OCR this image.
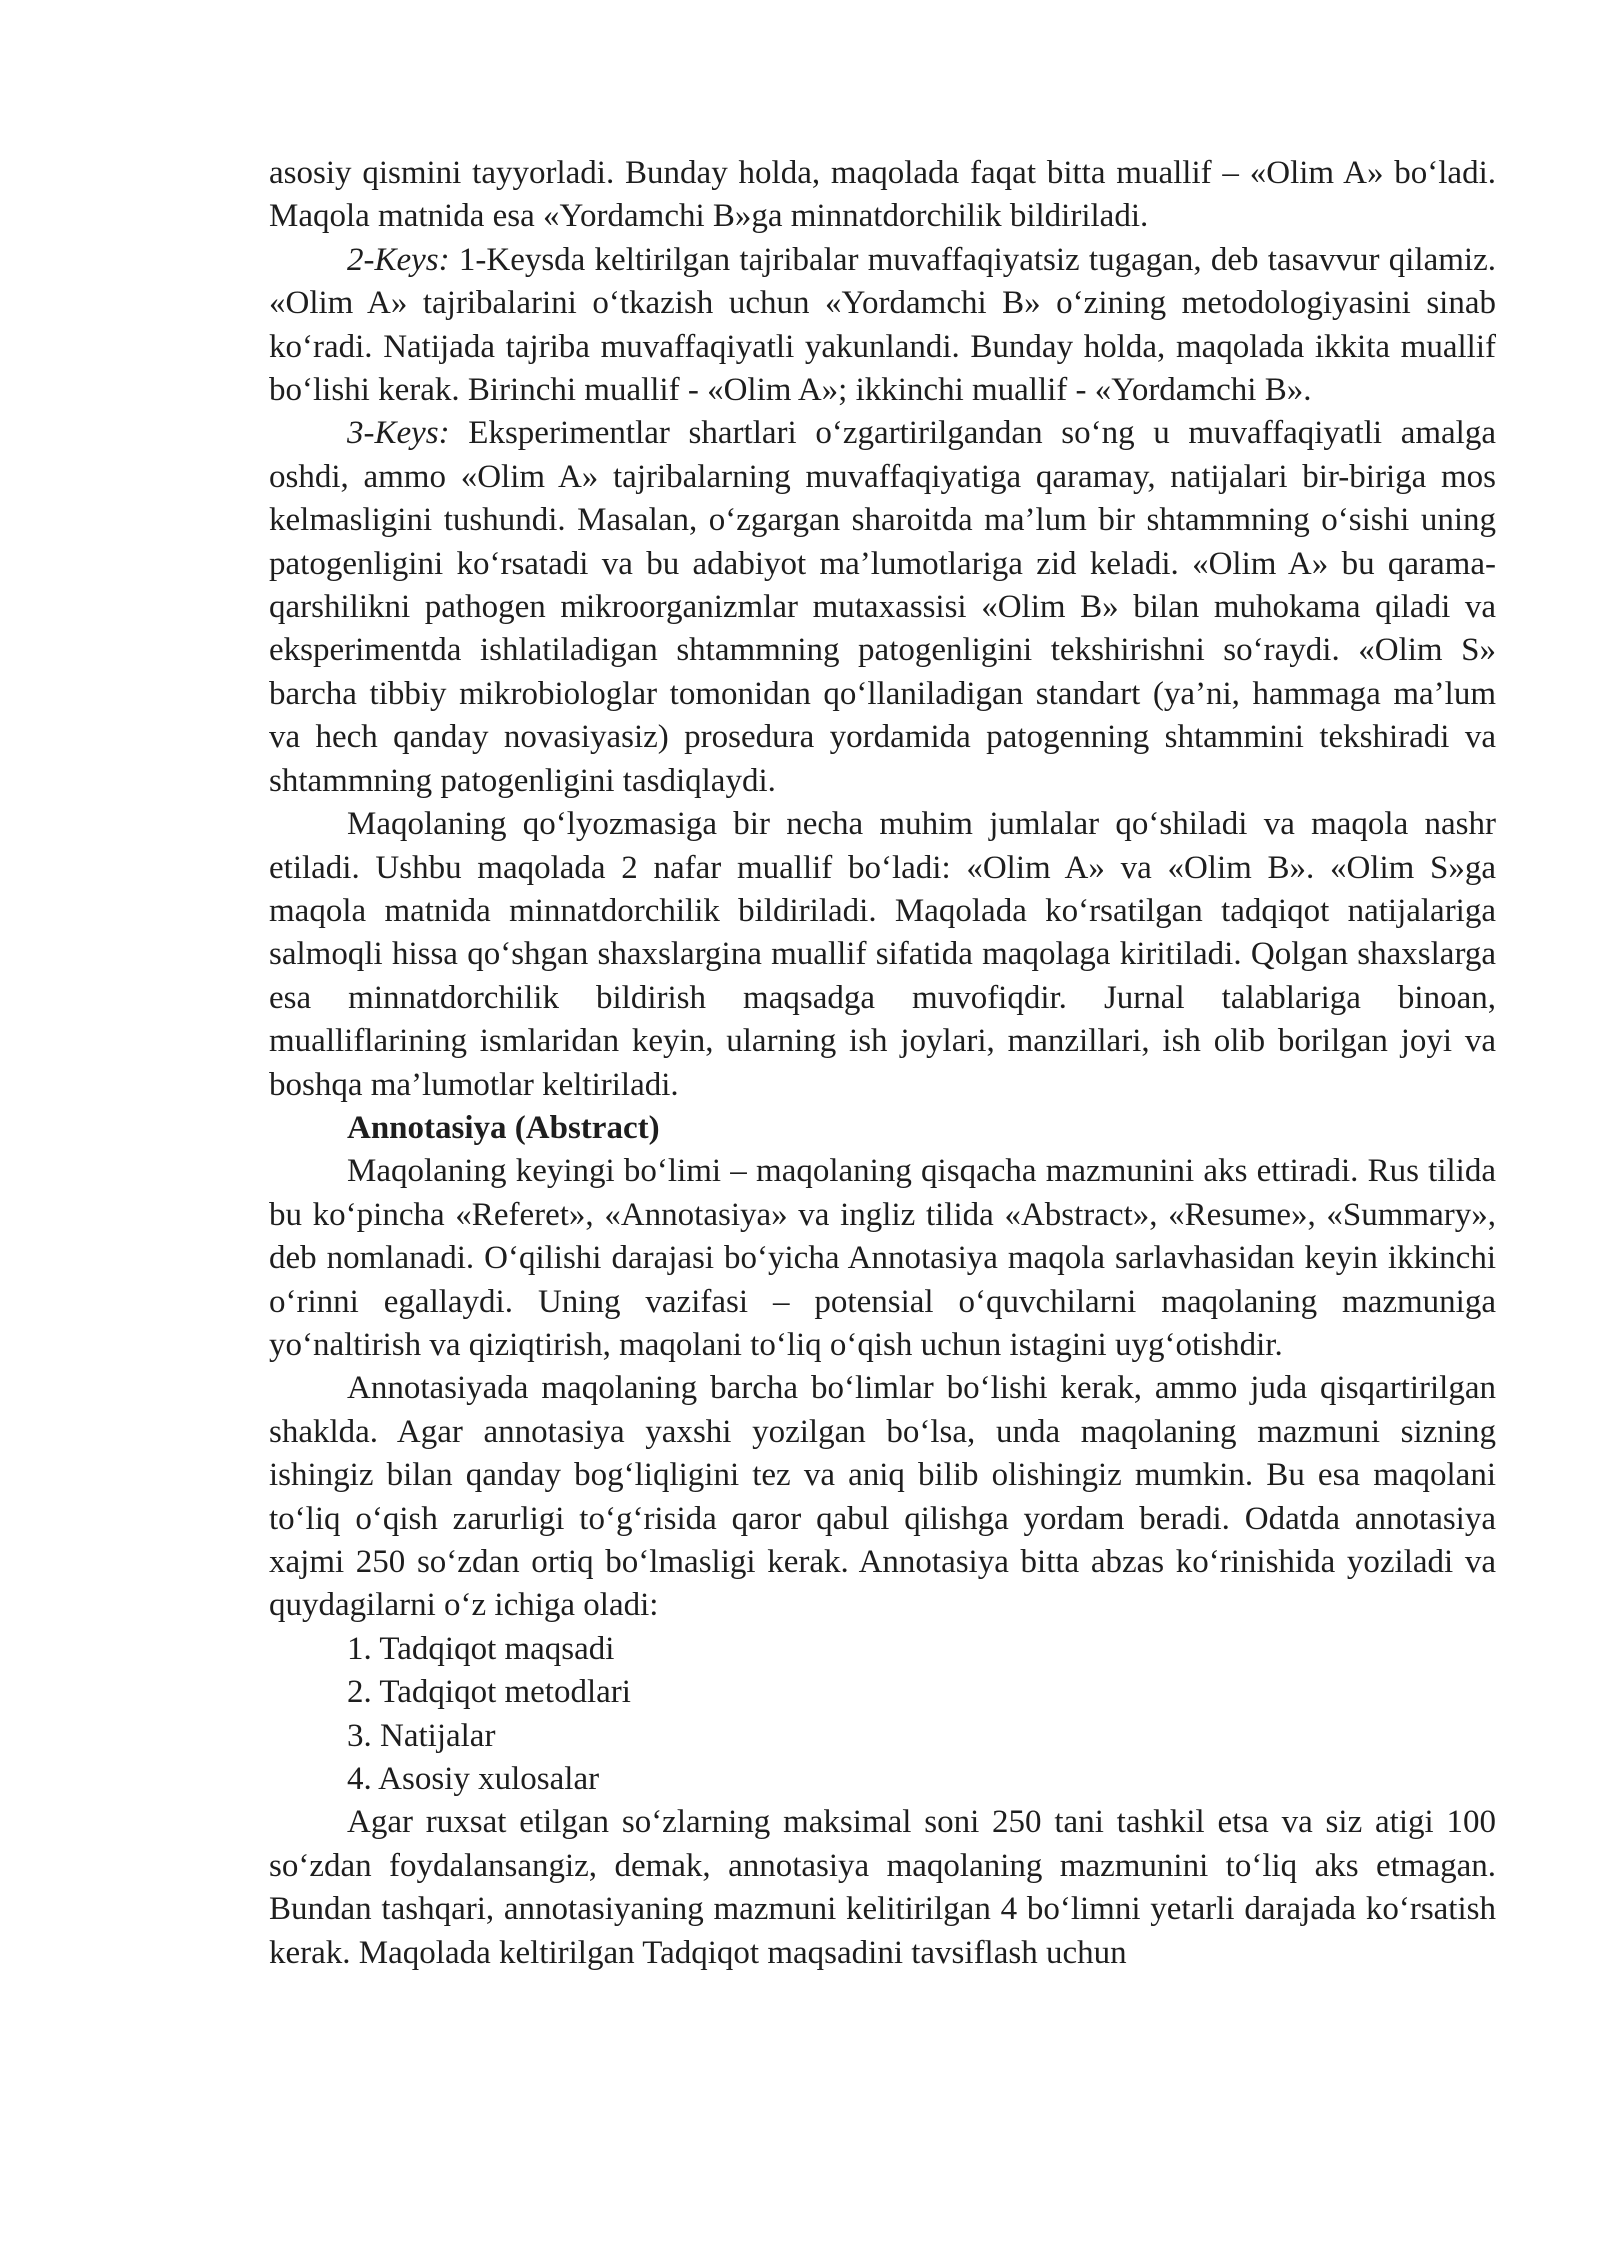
asosiy qismini tayyorladi. Bunday holda, maqolada faqat bitta muallif – «Olim A» bo‘ladi. Maqola matnida esa «Yordamchi B»ga minnatdorchilik bildiriladi.

2-Keys: 1-Keysda keltirilgan tajribalar muvaffaqiyatsiz tugagan, deb tasavvur qilamiz. «Olim A» tajribalarini o‘tkazish uchun «Yordamchi B» o‘zining metodologiyasini sinab ko‘radi. Natijada tajriba muvaffaqiyatli yakunlandi. Bunday holda, maqolada ikkita muallif bo‘lishi kerak. Birinchi muallif - «Olim A»; ikkinchi muallif - «Yordamchi B».

3-Keys: Eksperimentlar shartlari o‘zgartirilgandan so‘ng u muvaffaqiyatli amalga oshdi, ammo «Olim A» tajribalarning muvaffaqiyatiga qaramay, natijalari bir-biriga mos kelmasligini tushundi. Masalan, o‘zgargan sharoitda ma’lum bir shtammning o‘sishi uning patogenligini ko‘rsatadi va bu adabiyot ma’lumotlariga zid keladi. «Olim A» bu qarama-qarshilikni pathogen mikroorganizmlar mutaxassisi «Olim B» bilan muhokama qiladi va eksperimentda ishlatiladigan shtammning patogenligini tekshirishni so‘raydi. «Olim S» barcha tibbiy mikrobiologlar tomonidan qo‘llaniladigan standart (ya’ni, hammaga ma’lum va hech qanday novasiyasiz) prosedura yordamida patogenning shtammini tekshiradi va shtammning patogenligini tasdiqlaydi.

Maqolaning qo‘lyozmasiga bir necha muhim jumlalar qo‘shiladi va maqola nashr etiladi. Ushbu maqolada 2 nafar muallif bo‘ladi: «Olim A» va «Olim B». «Olim S»ga maqola matnida minnatdorchilik bildiriladi. Maqolada ko‘rsatilgan tadqiqot natijalariga salmoqli hissa qo‘shgan shaxslargina muallif sifatida maqolaga kiritiladi. Qolgan shaxslarga esa minnatdorchilik bildirish maqsadga muvofiqdir. Jurnal talablariga binoan, mualliflarining ismlaridan keyin, ularning ish joylari, manzillari, ish olib borilgan joyi va boshqa ma’lumotlar keltiriladi.

Annotasiya (Abstract)

Maqolaning keyingi bo‘limi – maqolaning qisqacha mazmunini aks ettiradi. Rus tilida bu ko‘pincha «Referet», «Annotasiya» va ingliz tilida «Abstract», «Resume», «Summary», deb nomlanadi. O‘qilishi darajasi bo‘yicha Annotasiya maqola sarlavhasidan keyin ikkinchi o‘rinni egallaydi. Uning vazifasi – potensial o‘quvchilarni maqolaning mazmuniga yo‘naltirish va qiziqtirish, maqolani to‘liq o‘qish uchun istagini uyg‘otishdir.

Annotasiyada maqolaning barcha bo‘limlar bo‘lishi kerak, ammo juda qisqartirilgan shaklda. Agar annotasiya yaxshi yozilgan bo‘lsa, unda maqolaning mazmuni sizning ishingiz bilan qanday bog‘liqligini tez va aniq bilib olishingiz mumkin. Bu esa maqolani to‘liq o‘qish zarurligi to‘g‘risida qaror qabul qilishga yordam beradi. Odatda annotasiya xajmi 250 so‘zdan ortiq bo‘lmasligi kerak. Annotasiya bitta abzas ko‘rinishida yoziladi va quydagilarni o‘z ichiga oladi:

1. Tadqiqot maqsadi
2. Tadqiqot metodlari
3. Natijalar
4. Asosiy xulosalar

Agar ruxsat etilgan so‘zlarning maksimal soni 250 tani tashkil etsa va siz atigi 100 so‘zdan foydalansangiz, demak, annotasiya maqolaning mazmunini to‘liq aks etmagan. Bundan tashqari, annotasiyaning mazmuni kelitirilgan 4 bo‘limni yetarli darajada ko‘rsatish kerak. Maqolada keltirilgan Tadqiqot maqsadini tavsiflash uchun
